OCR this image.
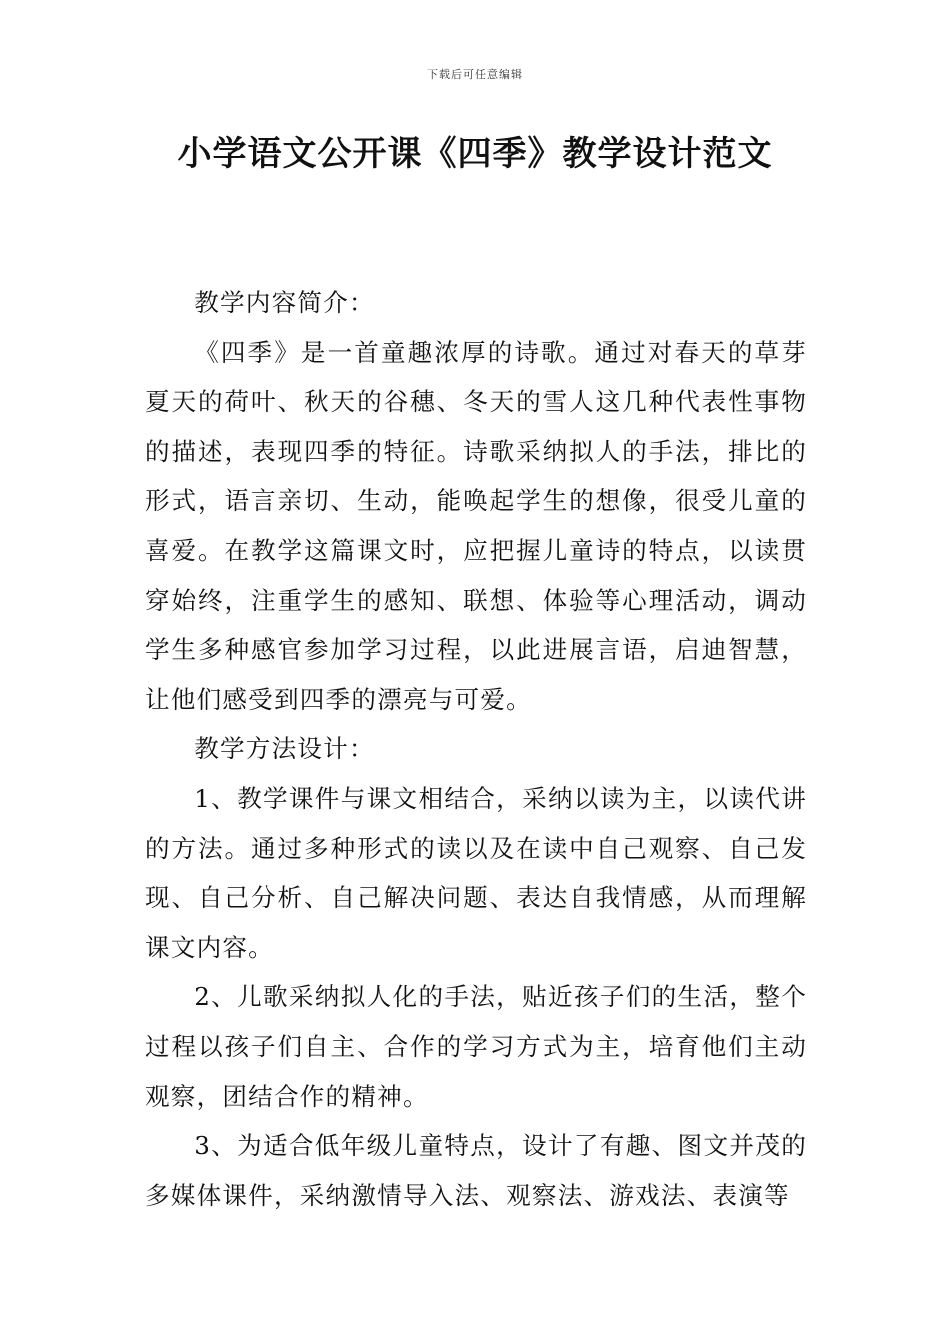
下载后可任意编辑
小学语文公开课《四季》教学设计范文

教学内容简介：

《四季》是一首童趣浓厚的诗歌。通过对春天的草芽夏天的荷叶、秋天的谷穗、冬天的雪人这几种代表性事物的描述，表现四季的特征。诗歌采纳拟人的手法，排比的形式，语言亲切、生动，能唤起学生的想像，很受儿童的喜爱。在教学这篇课文时，应把握儿童诗的特点，以读贯穿始终，注重学生的感知、联想、体验等心理活动，调动学生多种感官参加学习过程，以此进展言语，启迪智慧，让他们感受到四季的漂亮与可爱。

教学方法设计：

1、教学课件与课文相结合，采纳以读为主，以读代讲的方法。通过多种形式的读以及在读中自己观察、自己发现、自己分析、自己解决问题、表达自我情感，从而理解课文内容。

2、儿歌采纳拟人化的手法，贴近孩子们的生活，整个过程以孩子们自主、合作的学习方式为主，培育他们主动观察，团结合作的精神。

3、为适合低年级儿童特点，设计了有趣、图文并茂的多媒体课件，采纳激情导入法、观察法、游戏法、表演等
